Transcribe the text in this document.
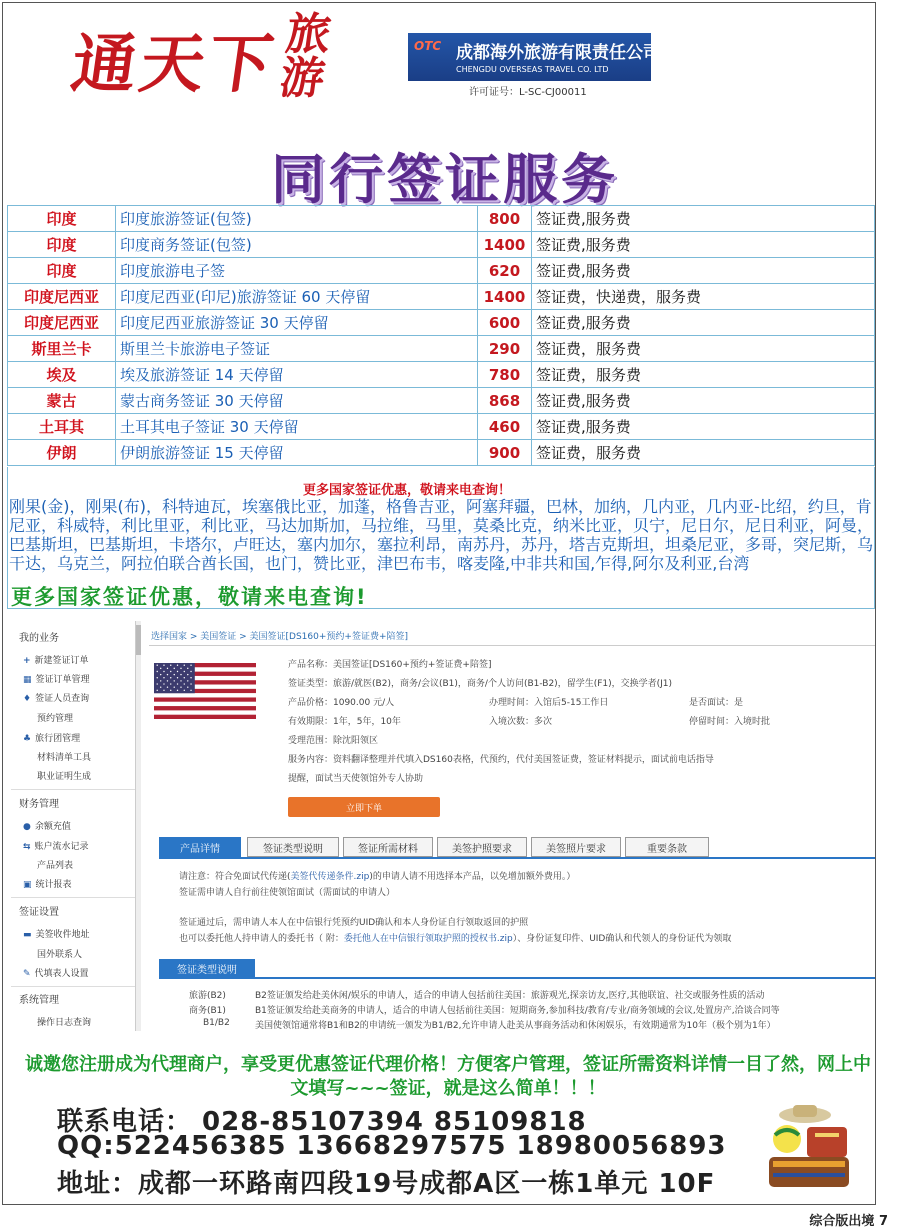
通天下旅游
OTC 成都海外旅游有限责任公司
CHENGDU OVERSEAS TRAVEL CO. LTD
许可证号：L-SC-CJ00011
同行签证服务
印度	印度旅游签证(包签)	800	签证费,服务费
印度	印度商务签证(包签)	1400	签证费,服务费
印度	印度旅游电子签	620	签证费,服务费
印度尼西亚	印度尼西亚(印尼)旅游签证 60 天停留	1400	签证费，快递费，服务费
印度尼西亚	印度尼西亚旅游签证 30 天停留	600	签证费,服务费
斯里兰卡	斯里兰卡旅游电子签证	290	签证费，服务费
埃及	埃及旅游签证 14 天停留	780	签证费，服务费
蒙古	蒙古商务签证 30 天停留	868	签证费,服务费
土耳其	土耳其电子签证 30 天停留	460	签证费,服务费
伊朗	伊朗旅游签证 15 天停留	900	签证费，服务费
更多国家签证优惠，敬请来电查询！
刚果(金)，刚果(布)，科特迪瓦，埃塞俄比亚，加蓬，格鲁吉亚，阿塞拜疆，巴林，加纳，几内亚，几内亚-比绍，约旦，肯尼亚，科威特，利比里亚，利比亚，马达加斯加，马拉维，马里，莫桑比克，纳米比亚，贝宁，尼日尔，尼日利亚，阿曼，巴基斯坦，巴基斯坦，卡塔尔，卢旺达，塞内加尔，塞拉利昂，南苏丹，苏丹，塔吉克斯坦，坦桑尼亚，多哥，突尼斯，乌干达，乌克兰，阿拉伯联合酋长国，也门，赞比亚，津巴布韦，喀麦隆,中非共和国,乍得,阿尔及利亚,台湾
更多国家签证优惠，敬请来电查询!
我的业务
+ 新建签证订单
▦ 签证订单管理
♦ 签证人员查询
预约管理
♣ 旅行团管理
材料清单工具
职业证明生成
财务管理
● 余额充值
⇆ 账户流水记录
产品列表
▣ 统计报表
签证设置
▬ 美签收件地址
国外联系人
✎ 代填表人设置
系统管理
操作日志查询
选择国家 > 美国签证 > 美国签证[DS160+预约+签证费+陪签]
产品名称：美国签证[DS160+预约+签证费+陪签]
签证类型：旅游/就医(B2)，商务/会议(B1)，商务/个人访问(B1-B2)，留学生(F1)，交换学者(J1)
产品价格：1090.00 元/人	办理时间：入馆后5-15工作日	是否面试：是
有效期限：1年，5年，10年	入境次数：多次	停留时间：入境时批
受理范围：除沈阳领区
服务内容：资料翻译整理并代填入DS160表格，代预约，代付美国签证费，签证材料提示，面试前电话指导
提醒，面试当天使领馆外专人协助
立即下单
产品详情	签证类型说明	签证所需材料	美签护照要求	美签照片要求	重要条款
请注意：符合免面试代传递(美签代传递条件.zip)的申请人请不用选择本产品，以免增加额外费用。）
签证需申请人自行前往使领馆面试（需面试的申请人）
签证通过后，需申请人本人在中信银行凭预约UID确认和本人身份证自行领取返回的护照
也可以委托他人持申请人的委托书（ 附：委托他人在中信银行领取护照的授权书.zip）、身份证复印件、UID确认和代领人的身份证代为领取
签证类型说明
旅游(B2)	B2签证颁发给赴美休闲/娱乐的申请人，适合的申请人包括前往美国：旅游观光,探亲访友,医疗,其他联谊、社交或服务性质的活动
商务(B1)	B1签证颁发给赴美商务的申请人，适合的申请人包括前往美国：短期商务,参加科技/教育/专业/商务领域的会议,处置房产,洽谈合同等
B1/B2	美国使领馆通常将B1和B2的申请统一颁发为B1/B2,允许申请人赴美从事商务活动和休闲娱乐，有效期通常为10年（极个别为1年）
诚邀您注册成为代理商户，享受更优惠签证代理价格！方便客户管理，签证所需资料详情一目了然，网上中文填写~~~签证，就是这么简单！！！
联系电话： 028-85107394 85109818
QQ:522456385 13668297575 18980056893
地址：成都一环路南四段19号成都A区一栋1单元 10F
综合版出境 7
